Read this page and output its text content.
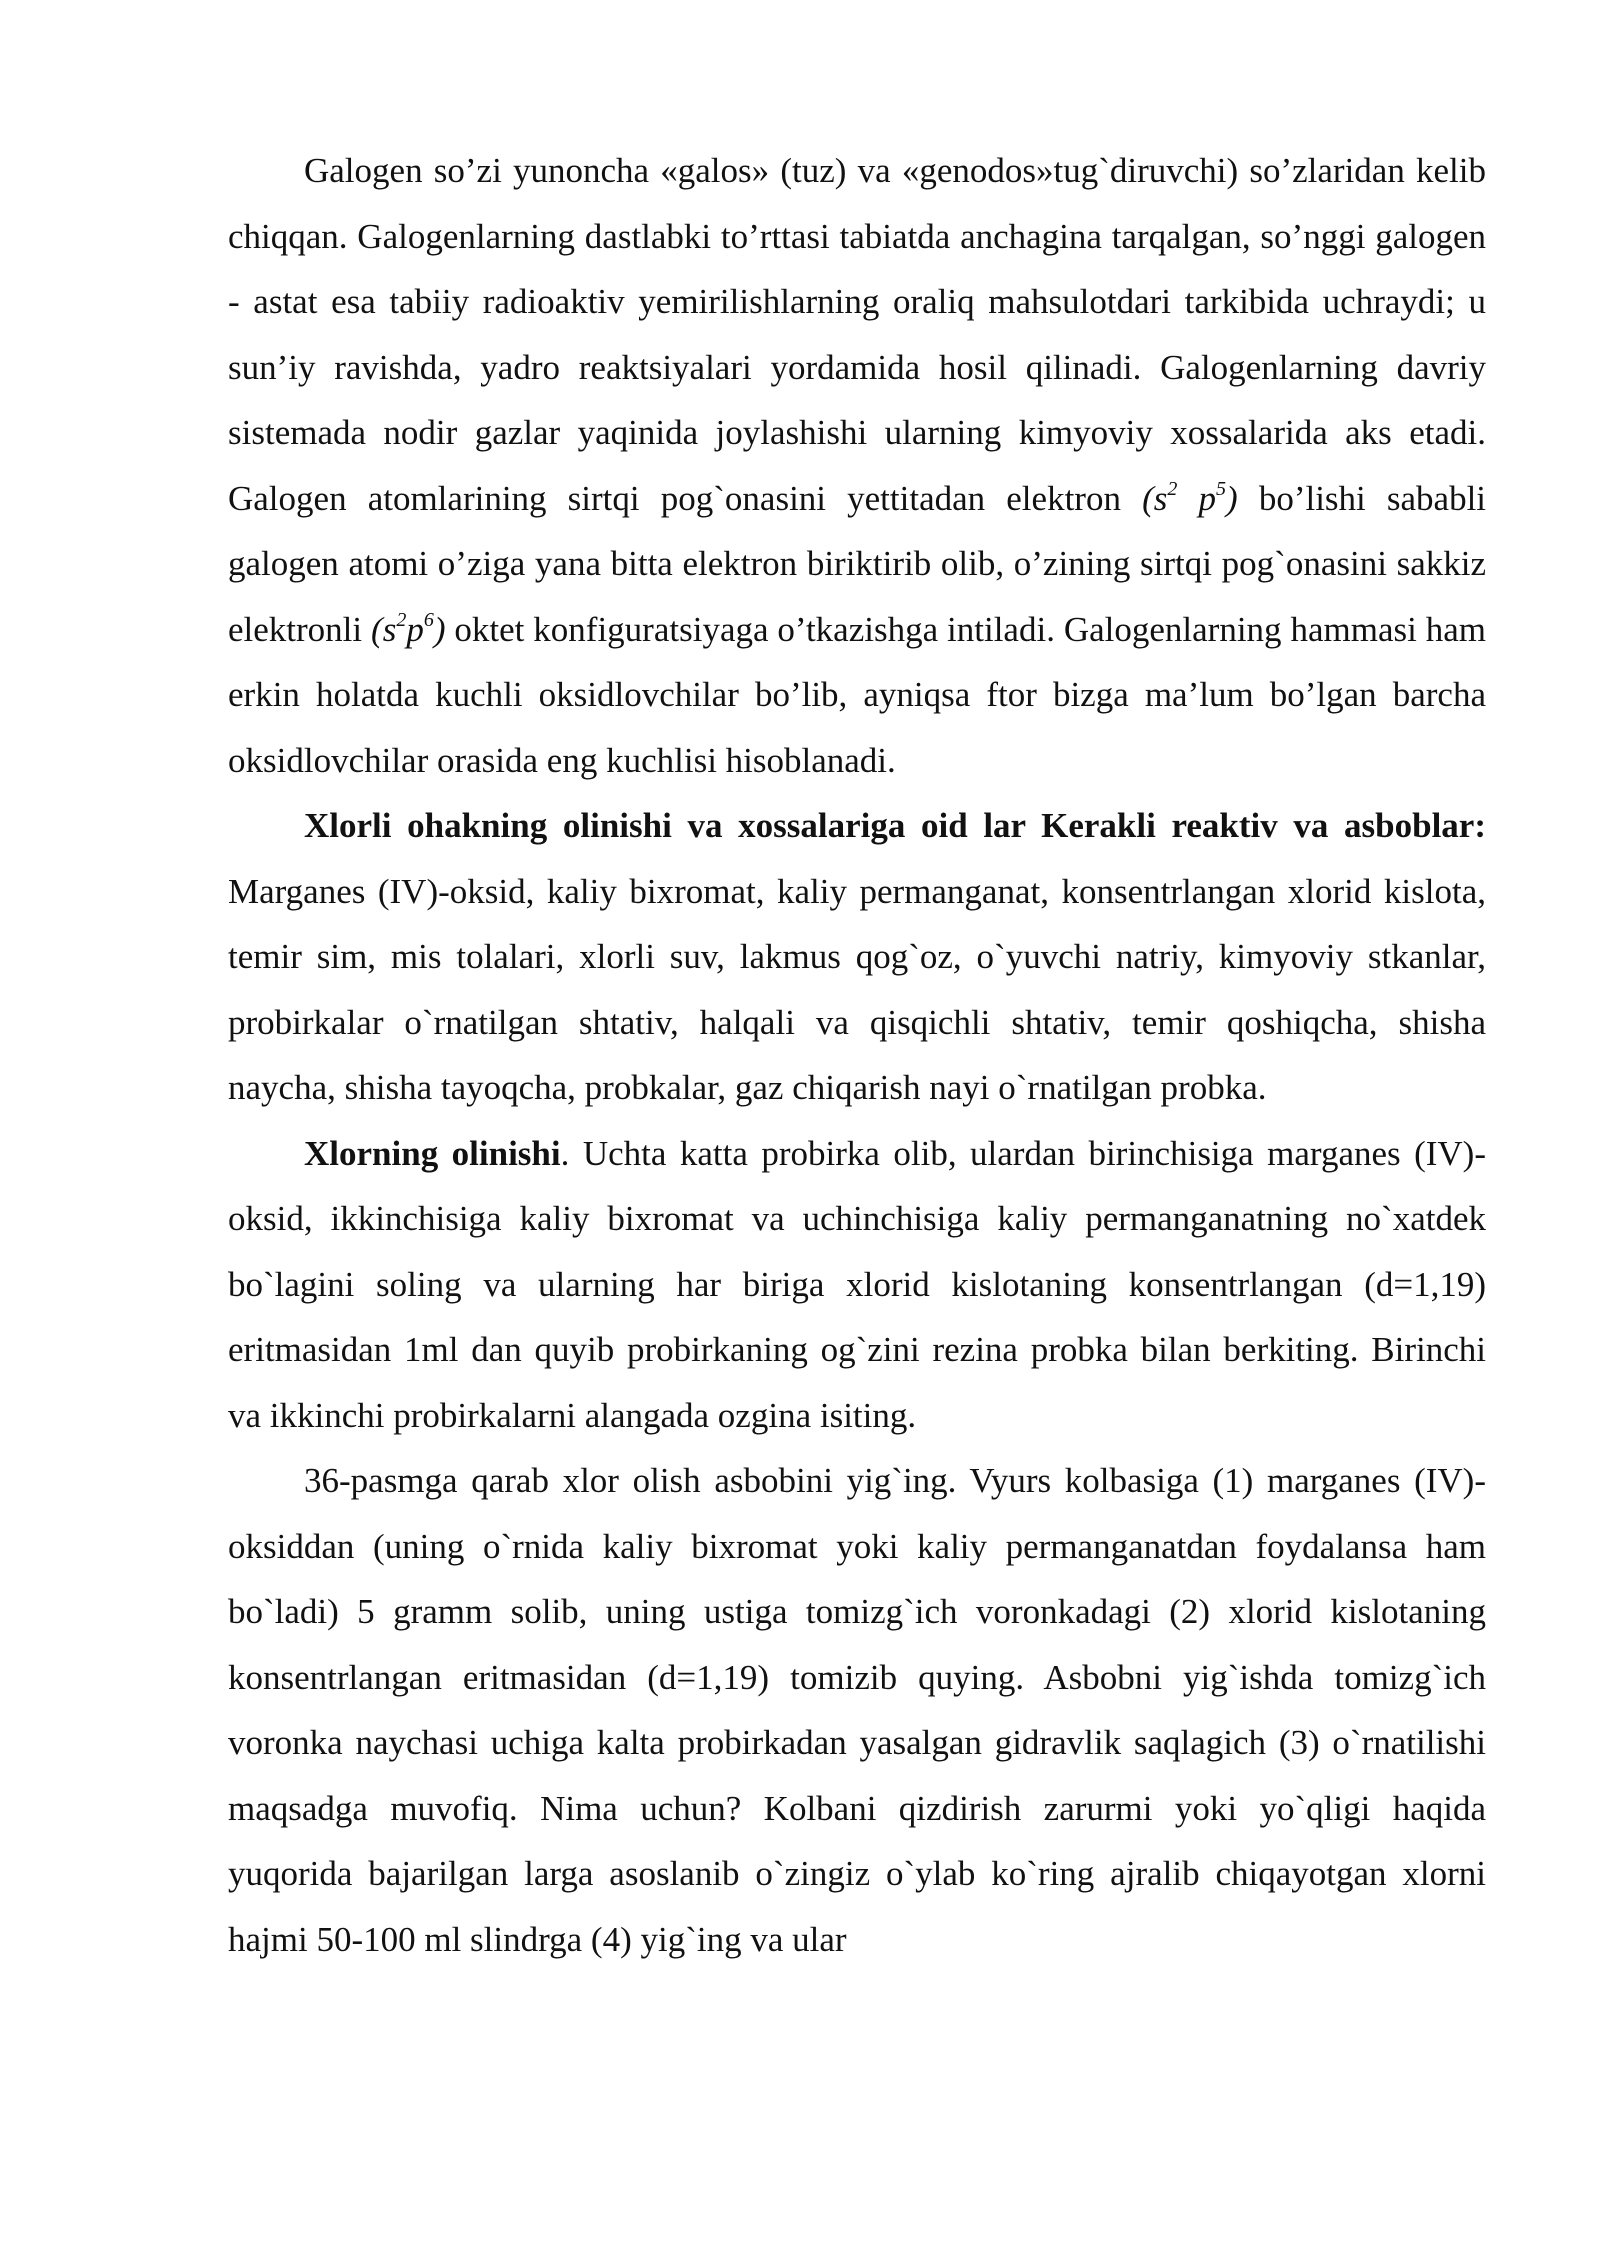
Galogen so’zi yunoncha «galos» (tuz) va «genodos»tug`diruvchi) so’zlaridan kelib chiqqan. Galogenlarning dastlabki to’rttasi tabiatda anchagina tarqalgan, so’nggi galogen - astat esa tabiiy radioaktiv yemirilishlarning oraliq mahsulotdari tarkibida uchraydi; u sun’iy ravishda, yadro reaktsiyalari yordamida hosil qilinadi. Galogenlarning davriy sistemada nodir gazlar yaqinida joylashishi ularning kimyoviy xossalarida aks etadi. Galogen atomlarining sirtqi pog`onasini yettitadan elektron ($s^2$ $p^5$) bo’lishi sababli galogen atomi o’ziga yana bitta elektron biriktirib olib, o’zining sirtqi pog`onasini sakkiz elektronli $(s^2p^6)$ oktet konfiguratsiyaga o’tkazishga intiladi. Galogenlarning hammasi ham erkin holatda kuchli oksidlovchilar bo’lib, ayniqsa ftor bizga ma’lum bo’lgan barcha oksidlovchilar orasida eng kuchlisi hisoblanadi.

Xlorli ohakning olinishi va xossalariga oid lar Kerakli reaktiv va asboblar: Marganes (IV)-oksid, kaliy bixromat, kaliy permanganat, konsentrlangan xlorid kislota, temir sim, mis tolalari, xlorli suv, lakmus qog`oz, o`yuvchi natriy, kimyoviy stkanlar, probirkalar o`rnatilgan shtativ, halqali va qisqichli shtativ, temir qoshiqcha, shisha naycha, shisha tayoqcha, probkalar, gaz chiqarish nayi o`rnatilgan probka.

Xlorning olinishi. Uchta katta probirka olib, ulardan birinchisiga marganes (IV)-oksid, ikkinchisiga kaliy bixromat va uchinchisiga kaliy permanganatning no`xatdek bo`lagini soling va ularning har biriga xlorid kislotaning konsentrlangan (d=1,19) eritmasidan 1ml dan quyib probirkaning og`zini rezina probka bilan berkiting. Birinchi va ikkinchi probirkalarni alangada ozgina isiting.

36-pasmga qarab xlor olish asbobini yig`ing. Vyurs kolbasiga (1) marganes (IV)-oksiddan (uning o`rnida kaliy bixromat yoki kaliy permanganatdan foydalansa ham bo`ladi) 5 gramm solib, uning ustiga tomizg`ich voronkadagi (2) xlorid kislotaning konsentrlangan eritmasidan (d=1,19) tomizib quying. Asbobni yig`ishda tomizg`ich voronka naychasi uchiga kalta probirkadan yasalgan gidravlik saqlagich (3) o`rnatilishi maqsadga muvofiq. Nima uchun? Kolbani qizdirish zarurmi yoki yo`qligi haqida yuqorida bajarilgan larga asoslanib o`zingiz o`ylab ko`ring ajralib chiqayotgan xlorni hajmi 50-100 ml slindrga (4) yig`ing va ular
